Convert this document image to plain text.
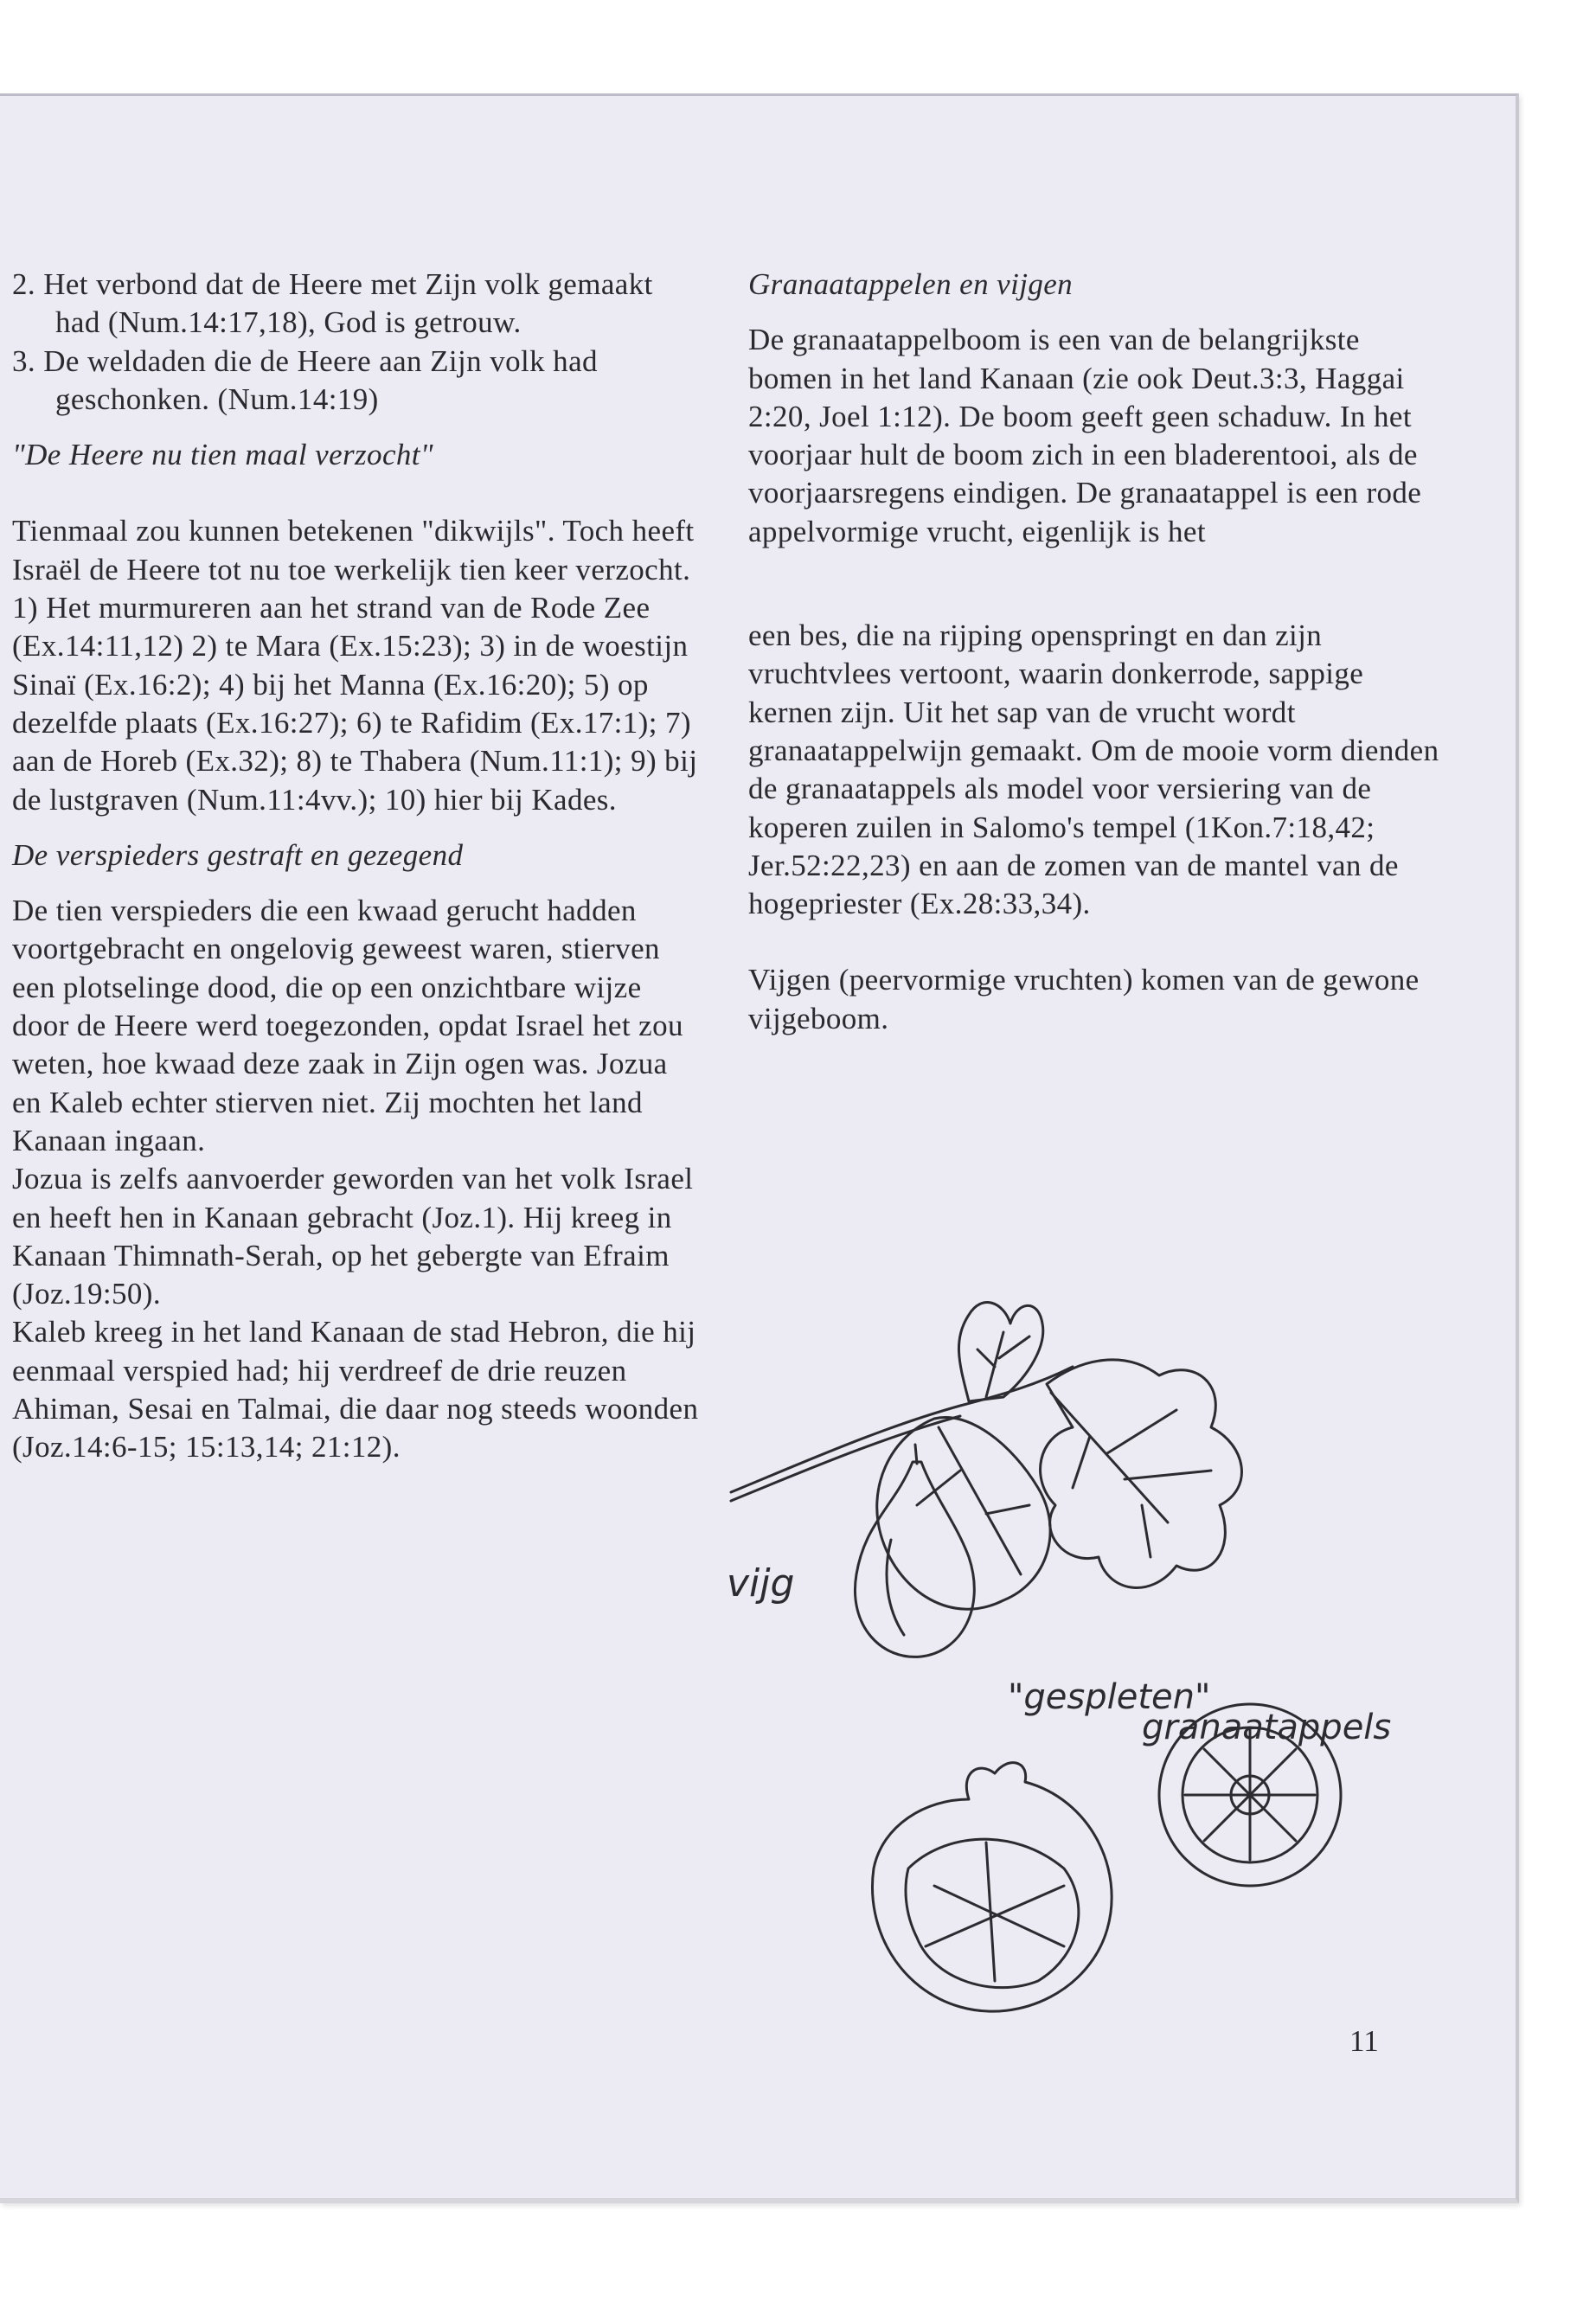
2. Het verbond dat de Heere met Zijn volk gemaakt had (Num.14:17,18), God is getrouw.

3. De weldaden die de Heere aan Zijn volk had geschonken. (Num.14:19)

"De Heere nu tien maal verzocht"

Tienmaal zou kunnen betekenen "dikwijls". Toch heeft Israël de Heere tot nu toe werkelijk tien keer verzocht. 1) Het murmureren aan het strand van de Rode Zee (Ex.14:11,12) 2) te Mara (Ex.15:23); 3) in de woestijn Sinaï (Ex.16:2); 4) bij het Manna (Ex.16:20); 5) op dezelfde plaats (Ex.16:27); 6) te Rafidim (Ex.17:1); 7) aan de Horeb (Ex.32); 8) te Thabera (Num.11:1); 9) bij de lustgraven (Num.11:4vv.); 10) hier bij Kades.

De verspieders gestraft en gezegend

De tien verspieders die een kwaad gerucht hadden voortgebracht en ongelovig geweest waren, stierven een plotselinge dood, die op een onzichtbare wijze door de Heere werd toegezonden, opdat Israel het zou weten, hoe kwaad deze zaak in Zijn ogen was. Jozua en Kaleb echter stierven niet. Zij mochten het land Kanaan ingaan.

Jozua is zelfs aanvoerder geworden van het volk Israel en heeft hen in Kanaan gebracht (Joz.1). Hij kreeg in Kanaan Thimnath-Serah, op het gebergte van Efraim (Joz.19:50).

Kaleb kreeg in het land Kanaan de stad Hebron, die hij eenmaal verspied had; hij verdreef de drie reuzen Ahiman, Sesai en Talmai, die daar nog steeds woonden (Joz.14:6-15; 15:13,14; 21:12).

Granaatappelen en vijgen

De granaatappelboom is een van de belangrijkste bomen in het land Kanaan (zie ook Deut.3:3, Haggai 2:20, Joel 1:12). De boom geeft geen schaduw. In het voorjaar hult de boom zich in een bladerentooi, als de voorjaarsregens eindigen. De granaatappel is een rode appelvormige vrucht, eigenlijk is het

een bes, die na rijping openspringt en dan zijn vruchtvlees vertoont, waarin donkerrode, sappige kernen zijn. Uit het sap van de vrucht wordt granaatappelwijn gemaakt. Om de mooie vorm dienden de granaatappels als model voor versiering van de koperen zuilen in Salomo's tempel (1Kon.7:18,42; Jer.52:22,23) en aan de zomen van de mantel van de hogepriester (Ex.28:33,34).

Vijgen (peervormige vruchten) komen van de gewone vijgeboom.

vijg
"gespleten"
granaatappels
11
